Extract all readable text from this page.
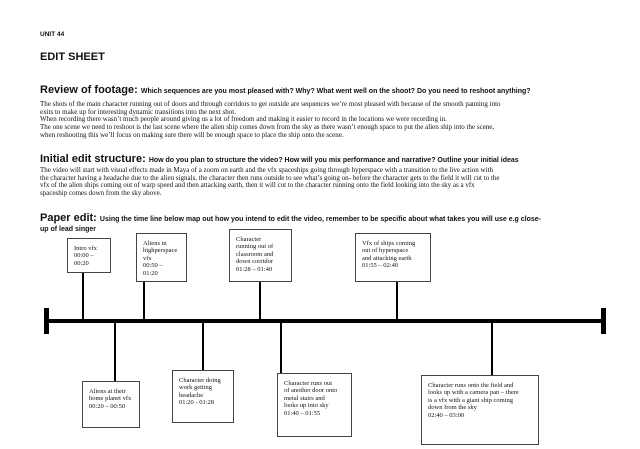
UNIT 44
EDIT SHEET
Review of footage: Which sequences are you most pleased with? Why? What went well on the shoot? Do you need to reshoot anything?

The shots of the main character running out of doors and through corridors to get outside are sequences we’re most pleased with because of the smooth panning into

exits to make up for interesting dynamic transitions into the next shot.

When recording there wasn’t much people around giving us a lot of freedom and making it easier to record in the locations we were recording in.

The one scene we need to reshoot is the last scene where the alien ship comes down from the sky as there wasn’t enough space to put the alien ship into the scene,

when reshooting this we’ll focus on making sure there will be enough space to place the ship onto the scene.

Initial edit structure: How do you plan to structure the video? How will you mix performance and narrative? Outline your initial ideas

The video will start with visual effects made in Maya of a zoom on earth and the vfx spaceships going through hyperspace with a transition to the live action with

the character having a headache due to the alien signals, the character then runs outside to see what’s going on- before the character gets to the field it will cut to the

vfx of the alien ships coming out of warp speed and then attacking earth, then it will cut to the character running onto the field looking into the sky as a vfx

spaceship comes down from the sky above.

Paper edit: Using the time line below map out how you intend to edit the video, remember to be specific about what takes you will use e.g close-
up of lead singer
Intro vfx
00:00 –
00:20
Aliens in
highperspace
vfx
00:50 –
01:20
Character
running out of
classroom and
down corridor
01:28 – 01:40
Vfx of ships coming
out of hyperspace
and attacking earth
01:55 – 02:40
Aliens at their
home planet vfx
00:20 – 00:50
Character doing
work getting
headache
01:20 - 01:28
Character runs out
of another door onto
metal stairs and
looks up into sky
01:40 – 01:55
Character runs onto the field and
looks up with a camera pan – there
is a vfx with a giant ship coming
down from the sky
02:40 – 03:00
